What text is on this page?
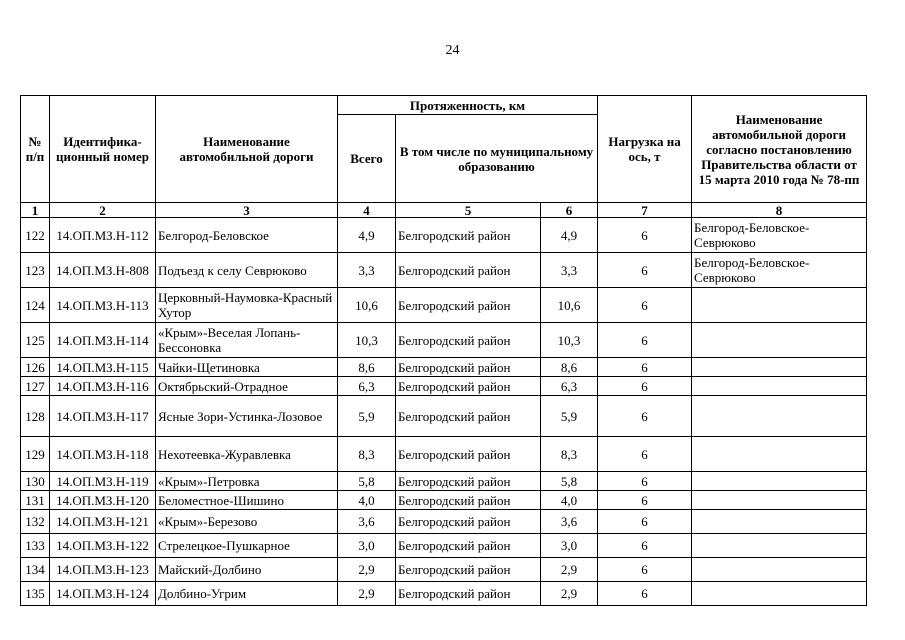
24
№ п/п	Идентифика-ционный номер	Наименование автомобильной дороги	Протяженность, км			Нагрузка на ось, т	Наименование автомобильной дороги согласно постановлению Правительства области от 15 марта 2010 года № 78-пп
			Всего	В том числе по муниципальному образованию			
1	2	3	4	5	6	7	8
122	14.ОП.МЗ.Н-112	Белгород-Беловское	4,9	Белгородский район	4,9	6	Белгород-Беловское-Севрюково
123	14.ОП.МЗ.Н-808	Подъезд к селу Севрюково	3,3	Белгородский район	3,3	6	Белгород-Беловское-Севрюково
124	14.ОП.МЗ.Н-113	Церковный-Наумовка-Красный Хутор	10,6	Белгородский район	10,6	6	
125	14.ОП.МЗ.Н-114	«Крым»-Веселая Лопань-Бессоновка	10,3	Белгородский район	10,3	6	
126	14.ОП.МЗ.Н-115	Чайки-Щетиновка	8,6	Белгородский район	8,6	6	
127	14.ОП.МЗ.Н-116	Октябрьский-Отрадное	6,3	Белгородский район	6,3	6	
128	14.ОП.МЗ.Н-117	Ясные Зори-Устинка-Лозовое	5,9	Белгородский район	5,9	6	
129	14.ОП.МЗ.Н-118	Нехотеевка-Журавлевка	8,3	Белгородский район	8,3	6	
130	14.ОП.МЗ.Н-119	«Крым»-Петровка	5,8	Белгородский район	5,8	6	
131	14.ОП.МЗ.Н-120	Беломестное-Шишино	4,0	Белгородский район	4,0	6	
132	14.ОП.МЗ.Н-121	«Крым»-Березово	3,6	Белгородский район	3,6	6	
133	14.ОП.МЗ.Н-122	Стрелецкое-Пушкарное	3,0	Белгородский район	3,0	6	
134	14.ОП.МЗ.Н-123	Майский-Долбино	2,9	Белгородский район	2,9	6	
135	14.ОП.МЗ.Н-124	Долбино-Угрим	2,9	Белгородский район	2,9	6	
